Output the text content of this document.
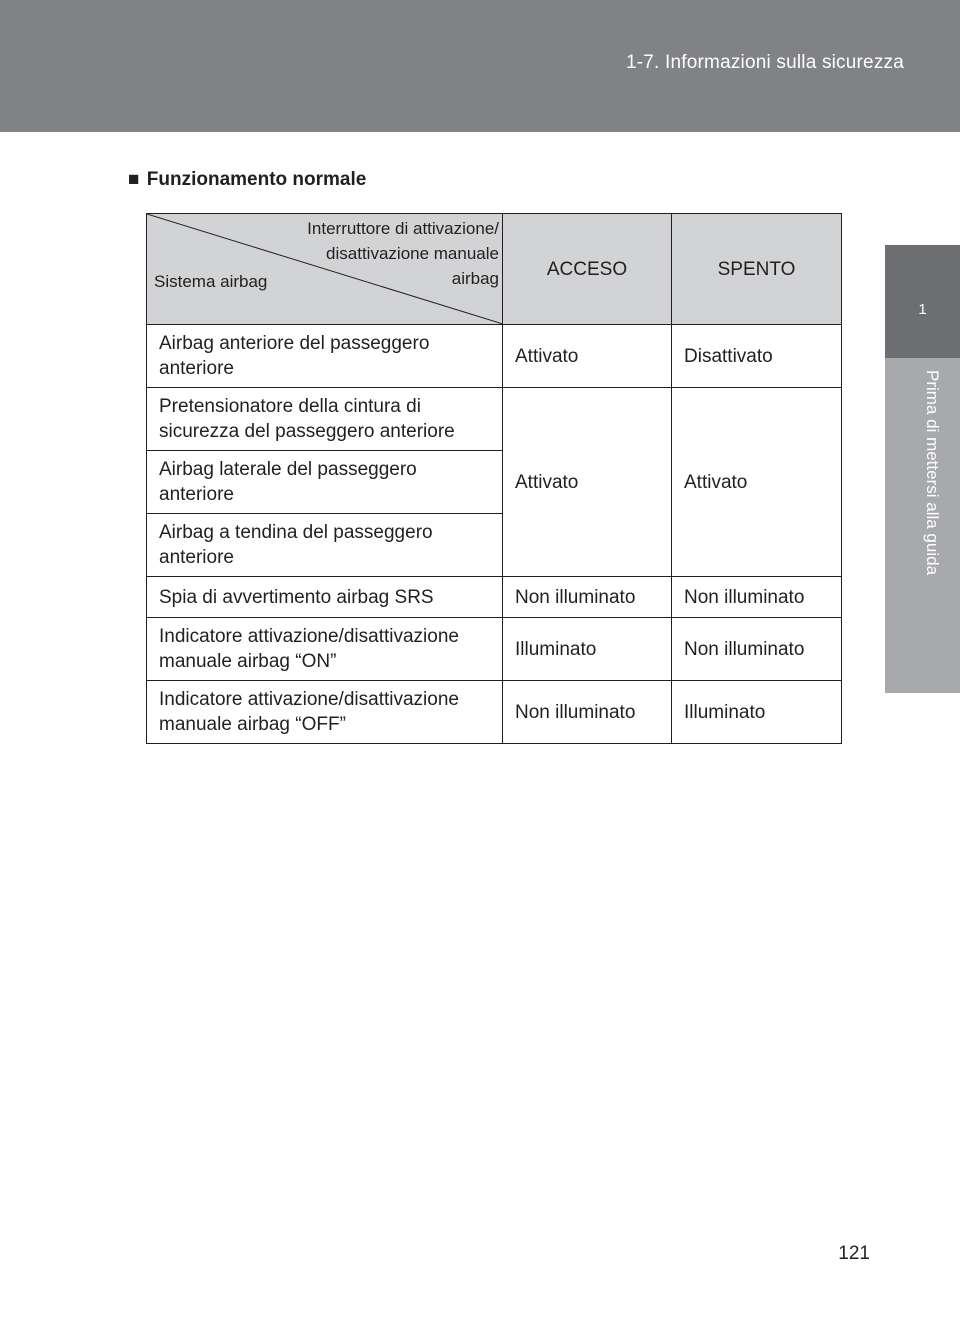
1-7. Informazioni sulla sicurezza
1
Prima di mettersi alla guida
■ Funzionamento normale
Interruttore di attivazione/
disattivazione manuale
airbag
Sistema airbag	ACCESO	SPENTO
Airbag anteriore del passeggero
anteriore	Attivato	Disattivato
Pretensionatore della cintura di
sicurezza del passeggero anteriore	Attivato	Attivato
Airbag laterale del passeggero
anteriore		
Airbag a tendina del passeggero
anteriore		
Spia di avvertimento airbag SRS	Non illuminato	Non illuminato
Indicatore attivazione/disattivazione
manuale airbag “ON”	Illuminato	Non illuminato
Indicatore attivazione/disattivazione
manuale airbag “OFF”	Non illuminato	Illuminato
121
